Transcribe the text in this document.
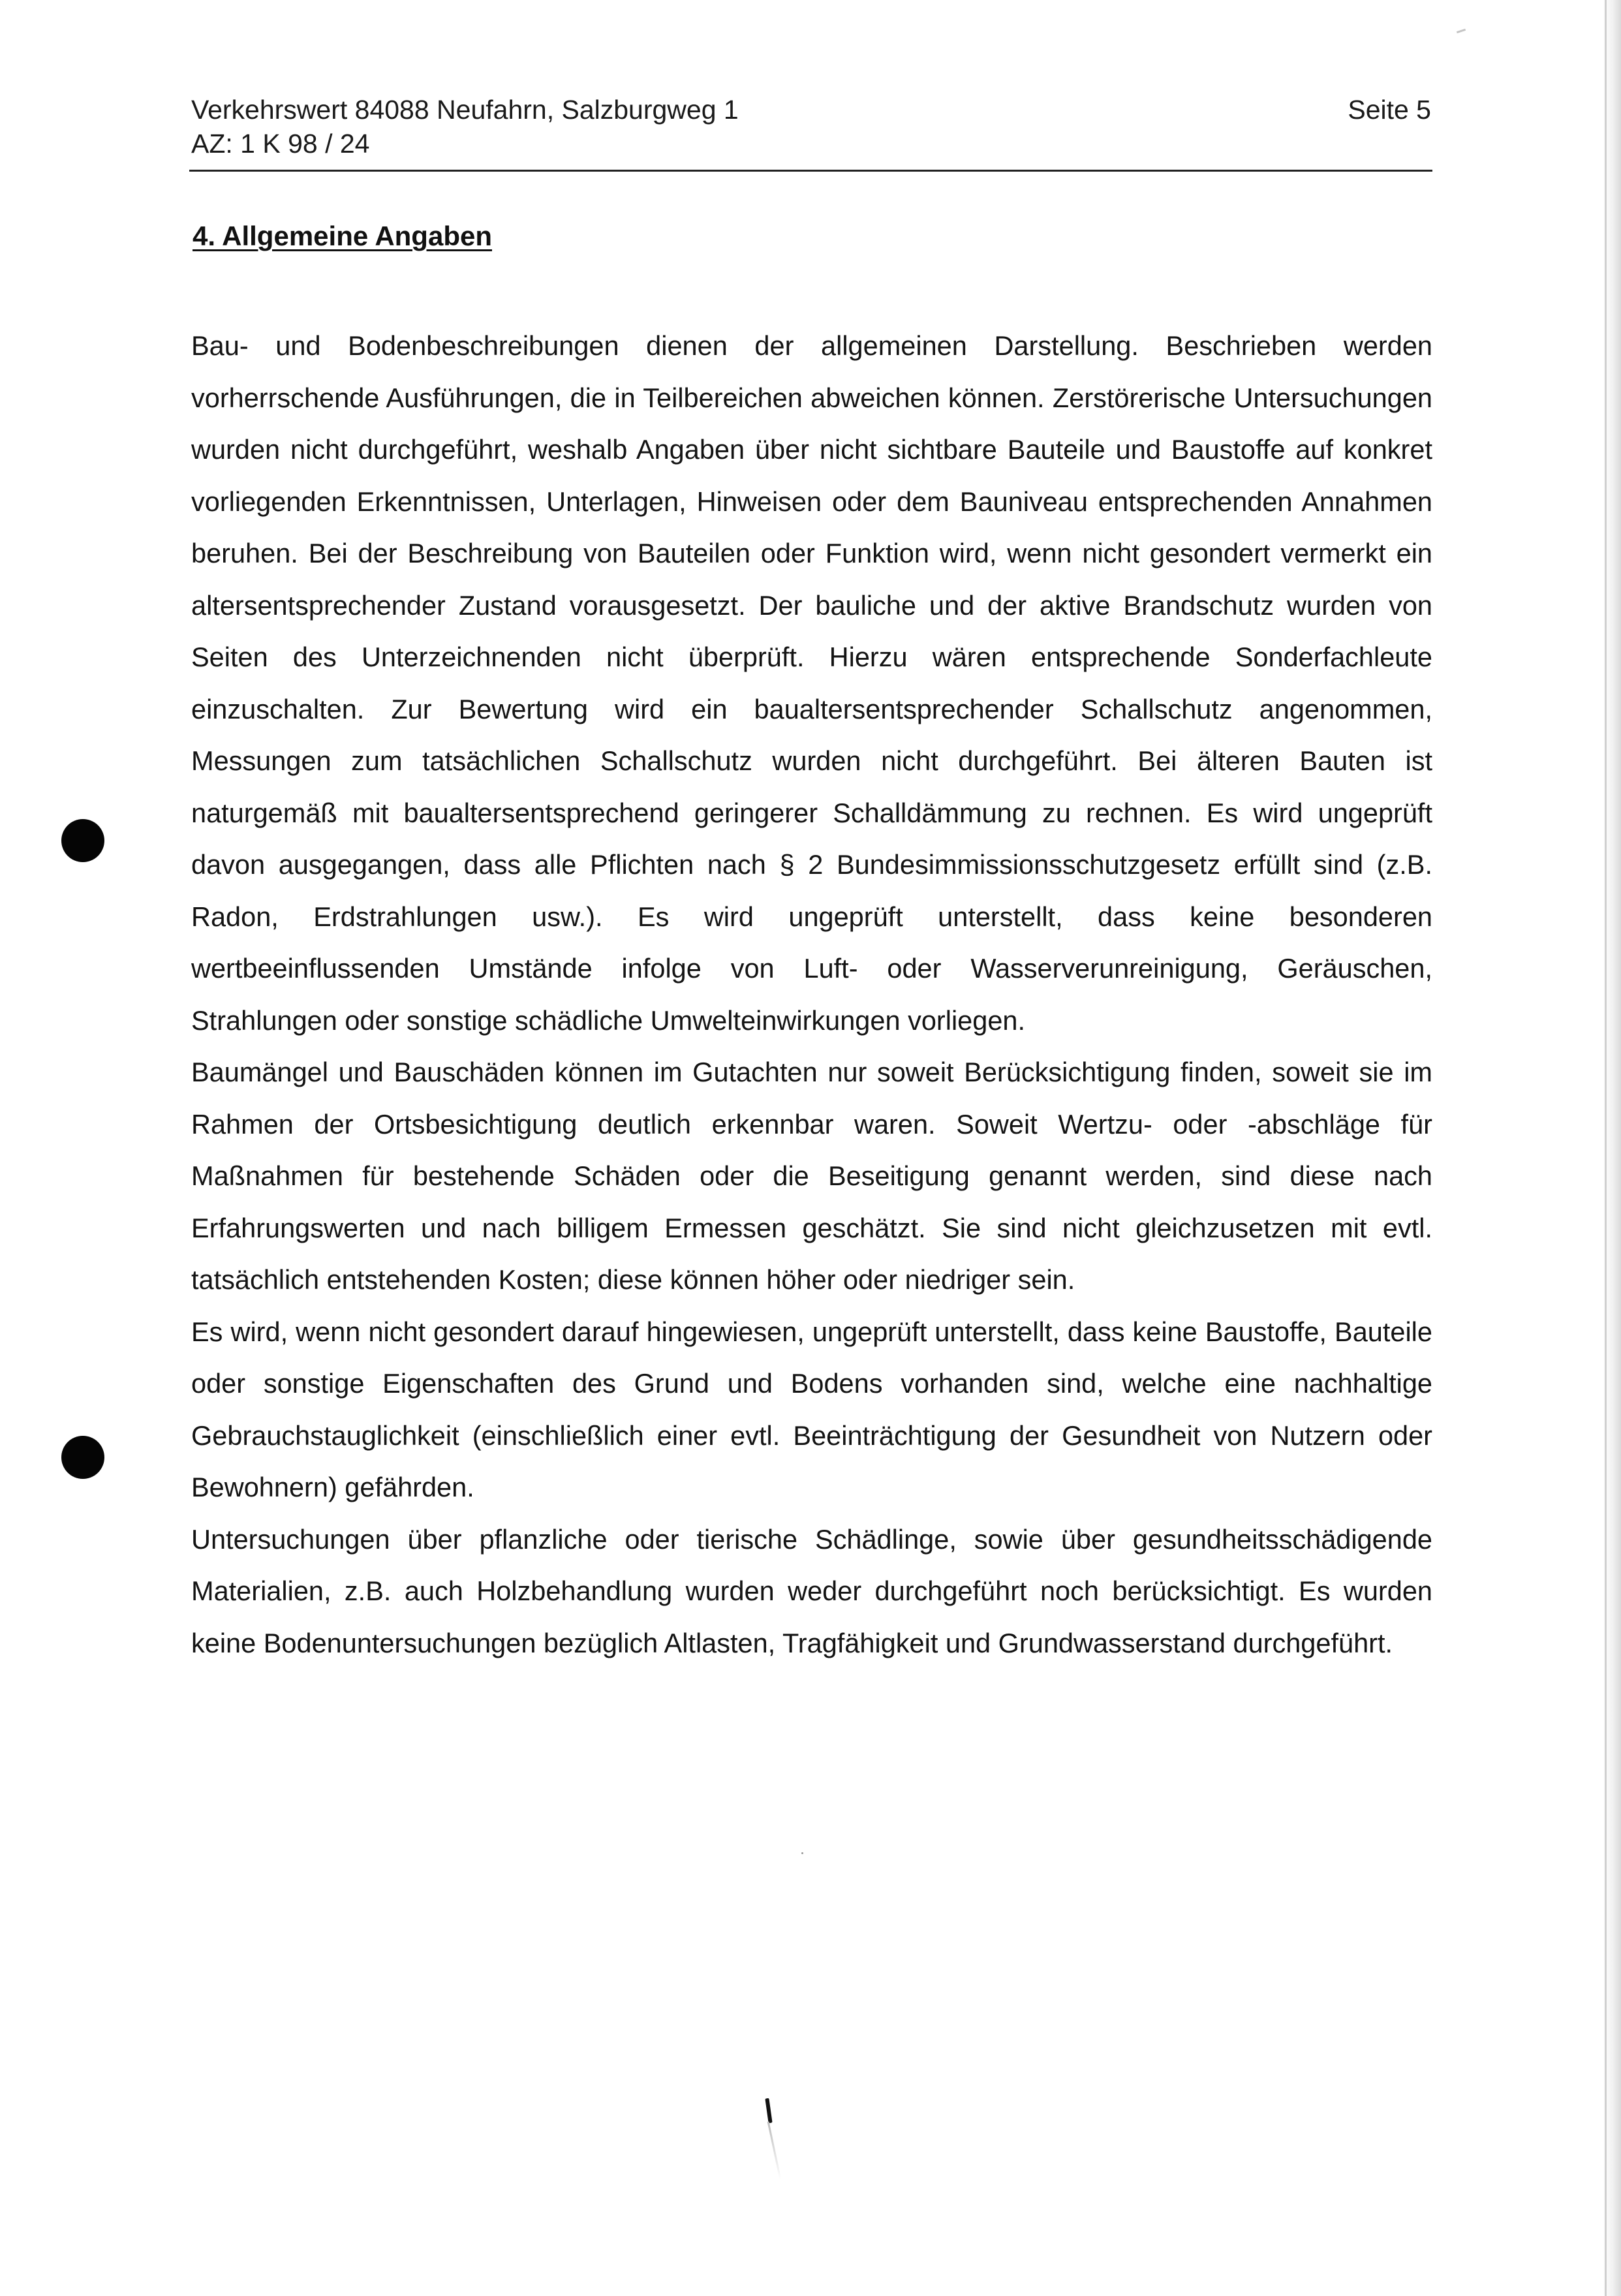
Verkehrswert 84088 Neufahrn, Salzburgweg 1	Seite 5
AZ: 1 K 98 / 24
4. Allgemeine Angaben

Bau- und Bodenbeschreibungen dienen der allgemeinen Darstellung. Beschrieben werden vorherrschende Ausführungen, die in Teilbereichen abweichen können. Zerstörerische Untersuchungen wurden nicht durchgeführt, weshalb Angaben über nicht sichtbare Bauteile und Baustoffe auf konkret vorliegenden Erkenntnissen, Unterlagen, Hinweisen oder dem Bauniveau entsprechenden Annahmen beruhen. Bei der Beschreibung von Bauteilen oder Funktion wird, wenn nicht gesondert vermerkt ein altersentsprechender Zustand vorausgesetzt. Der bauliche und der aktive Brandschutz wurden von Seiten des Unterzeichnenden nicht überprüft. Hierzu wären entsprechende Sonderfachleute einzuschalten. Zur Bewertung wird ein baualtersentsprechender Schallschutz angenommen, Messungen zum tatsächlichen Schallschutz wurden nicht durchgeführt. Bei älteren Bauten ist naturgemäß mit baualtersentsprechend geringerer Schalldämmung zu rechnen. Es wird ungeprüft davon ausgegangen, dass alle Pflichten nach § 2 Bundesimmissionsschutzgesetz erfüllt sind (z.B. Radon, Erdstrahlungen usw.). Es wird ungeprüft unterstellt, dass keine besonderen wertbeeinflussenden Umstände infolge von Luft- oder Wasserverunreinigung, Geräuschen, Strahlungen oder sonstige schädliche Umwelteinwirkungen vorliegen.

Baumängel und Bauschäden können im Gutachten nur soweit Berücksichtigung finden, soweit sie im Rahmen der Ortsbesichtigung deutlich erkennbar waren. Soweit Wertzu- oder -abschläge für Maßnahmen für bestehende Schäden oder die Beseitigung genannt werden, sind diese nach Erfahrungswerten und nach billigem Ermessen geschätzt. Sie sind nicht gleichzusetzen mit evtl. tatsächlich entstehenden Kosten; diese können höher oder niedriger sein.

Es wird, wenn nicht gesondert darauf hingewiesen, ungeprüft unterstellt, dass keine Baustoffe, Bauteile oder sonstige Eigenschaften des Grund und Bodens vorhanden sind, welche eine nachhaltige Gebrauchstauglichkeit (einschließlich einer evtl. Beeinträchtigung der Gesundheit von Nutzern oder Bewohnern) gefährden.

Untersuchungen über pflanzliche oder tierische Schädlinge, sowie über gesundheitsschädigende Materialien, z.B. auch Holzbehandlung wurden weder durchgeführt noch berücksichtigt. Es wurden keine Bodenuntersuchungen bezüglich Altlasten, Tragfähigkeit und Grundwasserstand durchgeführt.
